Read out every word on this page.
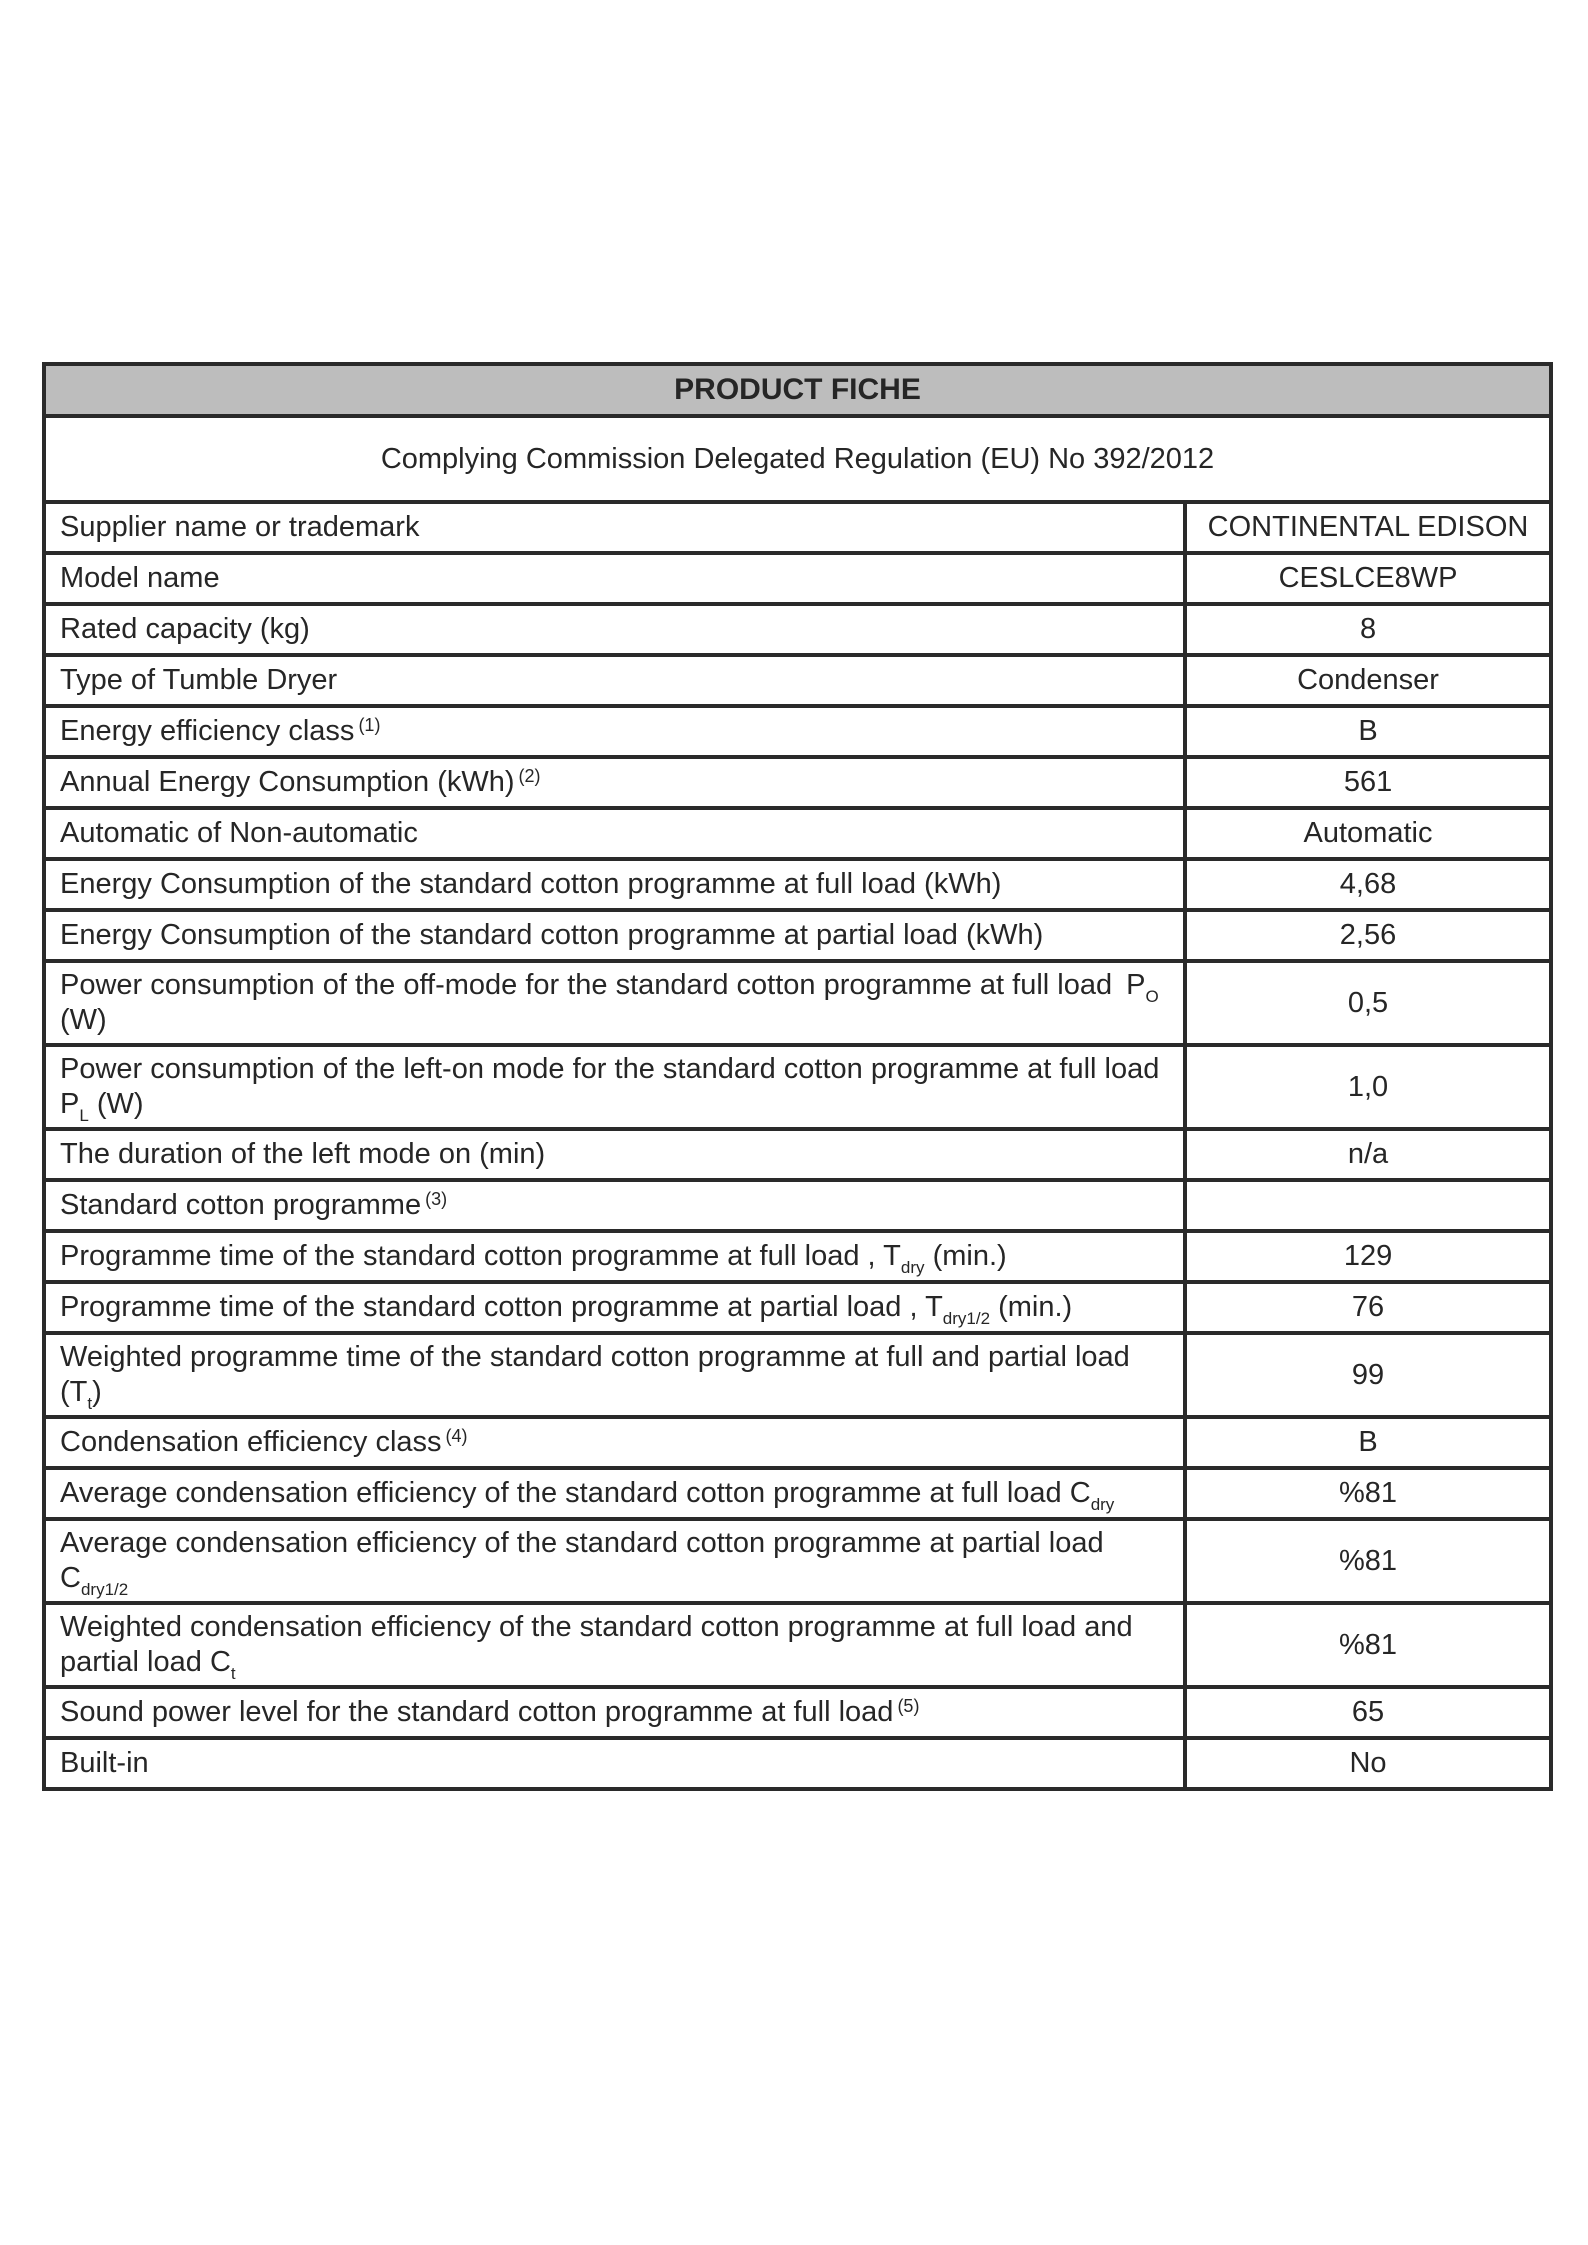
PRODUCT FICHE	
Complying Commission Delegated Regulation (EU) No 392/2012	
Supplier name or trademark	CONTINENTAL EDISON
Model name	CESLCE8WP
Rated capacity (kg)	8
Type of Tumble Dryer	Condenser
Energy efficiency class $^{(1)}$	B
Annual Energy Consumption (kWh) $^{(2)}$	561
Automatic of Non-automatic	Automatic
Energy Consumption of the standard cotton programme at full load (kWh)	4,68
Energy Consumption of the standard cotton programme at partial load (kWh)	2,56
Power consumption of the off-mode for the standard cotton programme at full load $P_O$ (W)	0,5
Power consumption of the left-on mode for the standard cotton programme at full load $P_L$ (W)	1,0
The duration of the left mode on (min)	n/a
Standard cotton programme $^{(3)}$	
Programme time of the standard cotton programme at full load , $T_{dry}$ (min.)	129
Programme time of the standard cotton programme at partial load , $T_{dry1/2}$ (min.)	76
Weighted programme time of the standard cotton programme at full and partial load $(T_t)$	99
Condensation efficiency class $^{(4)}$	B
Average condensation efficiency of the standard cotton programme at full load $C_{dry}$	%81
Average condensation efficiency of the standard cotton programme at partial load $C_{dry1/2}$	%81
Weighted condensation efficiency of the standard cotton programme at full load and partial load $C_t$	%81
Sound power level for the standard cotton programme at full load $^{(5)}$	65
Built-in	No
